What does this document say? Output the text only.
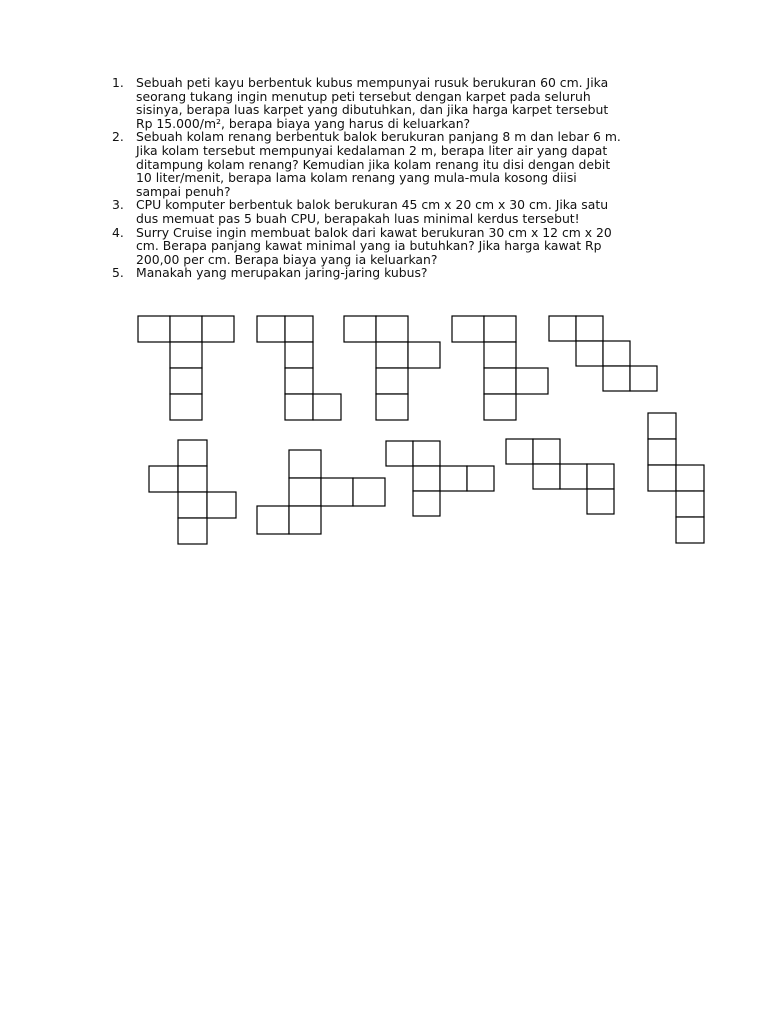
1. Sebuah peti kayu berbentuk kubus mempunyai rusuk berukuran 60 cm. Jika
seorang tukang ingin menutup peti tersebut dengan karpet pada seluruh
sisinya, berapa luas karpet yang dibutuhkan, dan jika harga karpet tersebut
Rp 15.000/m², berapa biaya yang harus di keluarkan?
2. Sebuah kolam renang berbentuk balok berukuran panjang 8 m dan lebar 6 m.
Jika kolam tersebut mempunyai kedalaman 2 m, berapa liter air yang dapat
ditampung kolam renang? Kemudian jika kolam renang itu disi dengan debit
10 liter/menit, berapa lama kolam renang yang mula-mula kosong diisi
sampai penuh?
3. CPU komputer berbentuk balok berukuran 45 cm x 20 cm x 30 cm. Jika satu
dus memuat pas 5 buah CPU, berapakah luas minimal kerdus tersebut!
4. Surry Cruise ingin membuat balok dari kawat berukuran 30 cm x 12 cm x 20
cm. Berapa panjang kawat minimal yang ia butuhkan? Jika harga kawat Rp
200,00 per cm. Berapa biaya yang ia keluarkan?
5. Manakah yang merupakan jaring-jaring kubus?
